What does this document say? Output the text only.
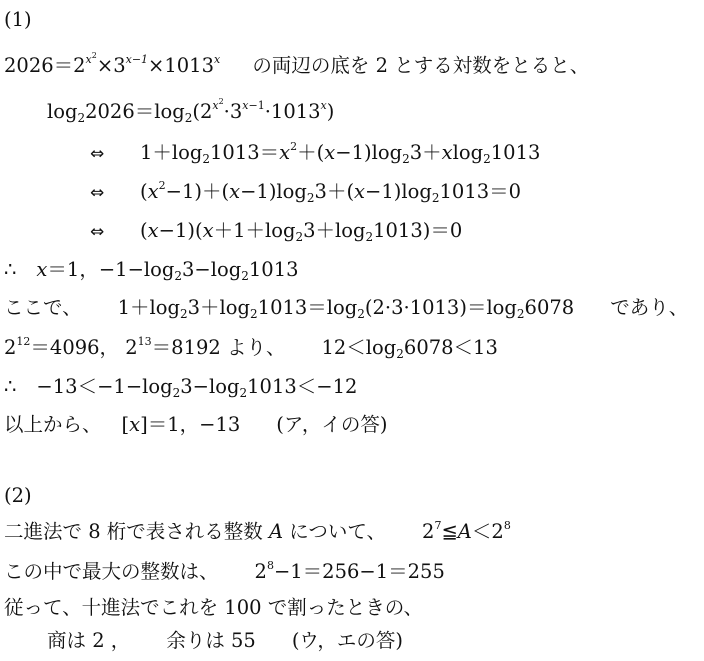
(1)
$2026=2^{x^2}\times 3^{x-1}\times 1013^x$ の両辺の底を 2 とする対数をとると、
$\log_22026=\log_2(2^{x^2}\cdot 3^{x-1}\cdot 1013^x)$
⇔ $1+\log_21013=x^2+(x-1)\log_23+xlog_21013$
⇔ $(x^2-1)+(x-1)\log_23+(x-1)\log_21013=0$
⇔ $(x-1)(x+1+\log_23+\log_21013)=0$
∴ x＝1，$-1-\log_23-\log_21013$
ここで、 $1+\log_23+\log_21013=\log_2(2\cdot 3\cdot 1013)=\log_26078$ であり、
$2^{12}=4096$， $2^{13}=8192$ より、 $12<\log_26078<13$
∴ $-13<-1-\log_23-\log_21013<-12$
以上から、 [x]＝1，−13 (ア，イの答)
(2)
二進法で 8 桁で表される整数 A について、 $2^7≦A<2^8$
この中で最大の整数は、 $2^8-1=256-1=255$
従って、十進法でこれを 100 で割ったときの、
商は 2 ， 余りは 55 (ウ，エの答)
